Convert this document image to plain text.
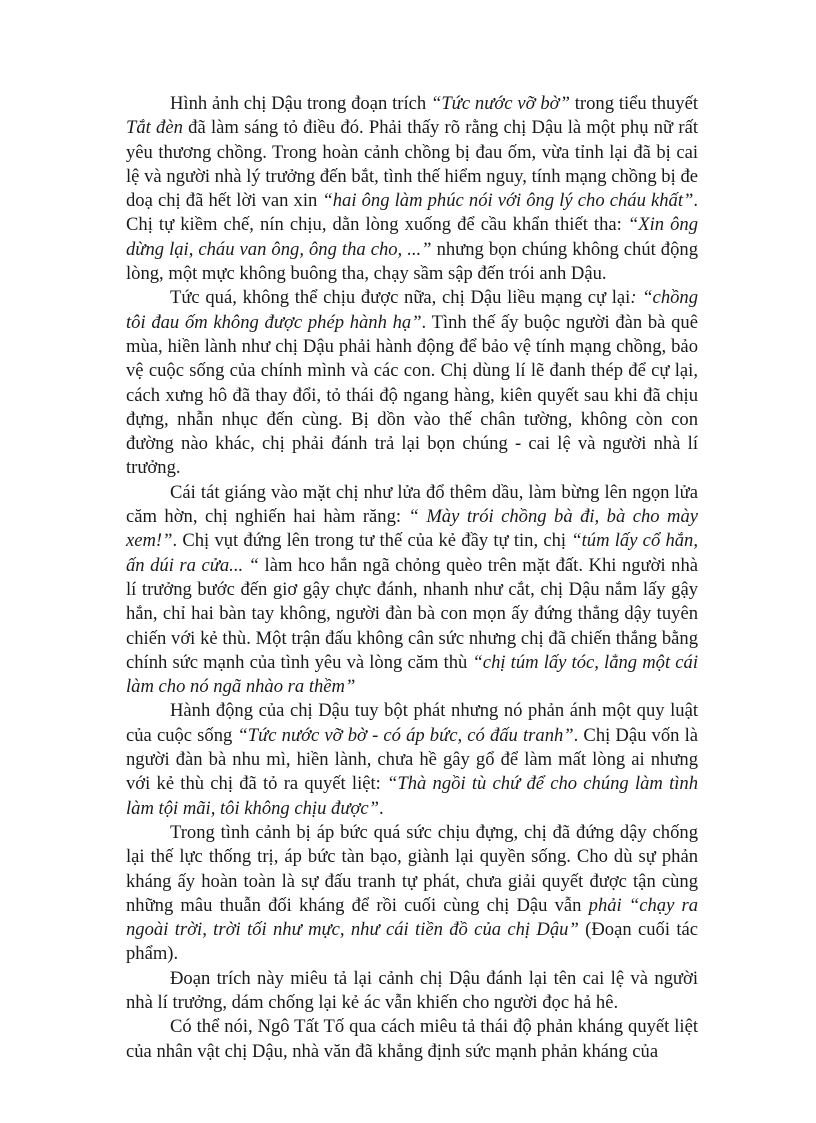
Hình ảnh chị Dậu trong đoạn trích “Tức nước vỡ bờ” trong tiểu thuyết Tắt đèn đã làm sáng tỏ điều đó. Phải thấy rõ rằng chị Dậu là một phụ nữ rất yêu thương chồng. Trong hoàn cảnh chồng bị đau ốm, vừa tỉnh lại đã bị cai lệ và người nhà lý trưởng đến bắt, tình thế hiểm nguy, tính mạng chồng bị đe doạ chị đã hết lời van xin “hai ông làm phúc nói với ông lý cho cháu khất”. Chị tự kiềm chế, nín chịu, dằn lòng xuống để cầu khẩn thiết tha: “Xin ông dừng lại, cháu van ông, ông tha cho, ...” nhưng bọn chúng không chút động lòng, một mực không buông tha, chạy sầm sập đến trói anh Dậu.

Tức quá, không thể chịu được nữa, chị Dậu liều mạng cự lại: “chồng tôi đau ốm không được phép hành hạ”. Tình thế ấy buộc người đàn bà quê mùa, hiền lành như chị Dậu phải hành động để bảo vệ tính mạng chồng, bảo vệ cuộc sống của chính mình và các con. Chị dùng lí lẽ đanh thép để cự lại, cách xưng hô đã thay đổi, tỏ thái độ ngang hàng, kiên quyết sau khi đã chịu đựng, nhẫn nhục đến cùng. Bị dồn vào thế chân tường, không còn con đường nào khác, chị phải đánh trả lại bọn chúng - cai lệ và người nhà lí trưởng.

Cái tát giáng vào mặt chị như lửa đổ thêm dầu, làm bừng lên ngọn lửa căm hờn, chị nghiến hai hàm răng: “ Mày trói chồng bà đi, bà cho mày xem!”. Chị vụt đứng lên trong tư thế của kẻ đầy tự tin, chị “túm lấy cổ hắn, ấn dúi ra cửa... “ làm hco hắn ngã chỏng quèo trên mặt đất. Khi người nhà lí trưởng bước đến giơ gậy chực đánh, nhanh như cắt, chị Dậu nắm lấy gậy hắn, chỉ hai bàn tay không, người đàn bà con mọn ấy đứng thẳng dậy tuyên chiến với kẻ thù. Một trận đấu không cân sức nhưng chị đã chiến thắng bằng chính sức mạnh của tình yêu và lòng căm thù “chị túm lấy tóc, lẳng một cái làm cho nó ngã nhào ra thềm”

Hành động của chị Dậu tuy bột phát nhưng nó phản ánh một quy luật của cuộc sống “Tức nước vỡ bờ - có áp bức, có đấu tranh”. Chị Dậu vốn là người đàn bà nhu mì, hiền lành, chưa hề gây gổ để làm mất lòng ai nhưng với kẻ thù chị đã tỏ ra quyết liệt: “Thà ngồi tù chứ để cho chúng làm tình làm tội mãi, tôi không chịu được”.

Trong tình cảnh bị áp bức quá sức chịu đựng, chị đã đứng dậy chống lại thế lực thống trị, áp bức tàn bạo, giành lại quyền sống. Cho dù sự phản kháng ấy hoàn toàn là sự đấu tranh tự phát, chưa giải quyết được tận cùng những mâu thuẫn đối kháng để rồi cuối cùng chị Dậu vẫn phải “chạy ra ngoài trời, trời tối như mực, như cái tiền đồ của chị Dậu” (Đoạn cuối tác phẩm).

Đoạn trích này miêu tả lại cảnh chị Dậu đánh lại tên cai lệ và người nhà lí trưởng, dám chống lại kẻ ác vẫn khiến cho người đọc hả hê.

Có thể nói, Ngô Tất Tố qua cách miêu tả thái độ phản kháng quyết liệt của nhân vật chị Dậu, nhà văn đã khẳng định sức mạnh phản kháng của
